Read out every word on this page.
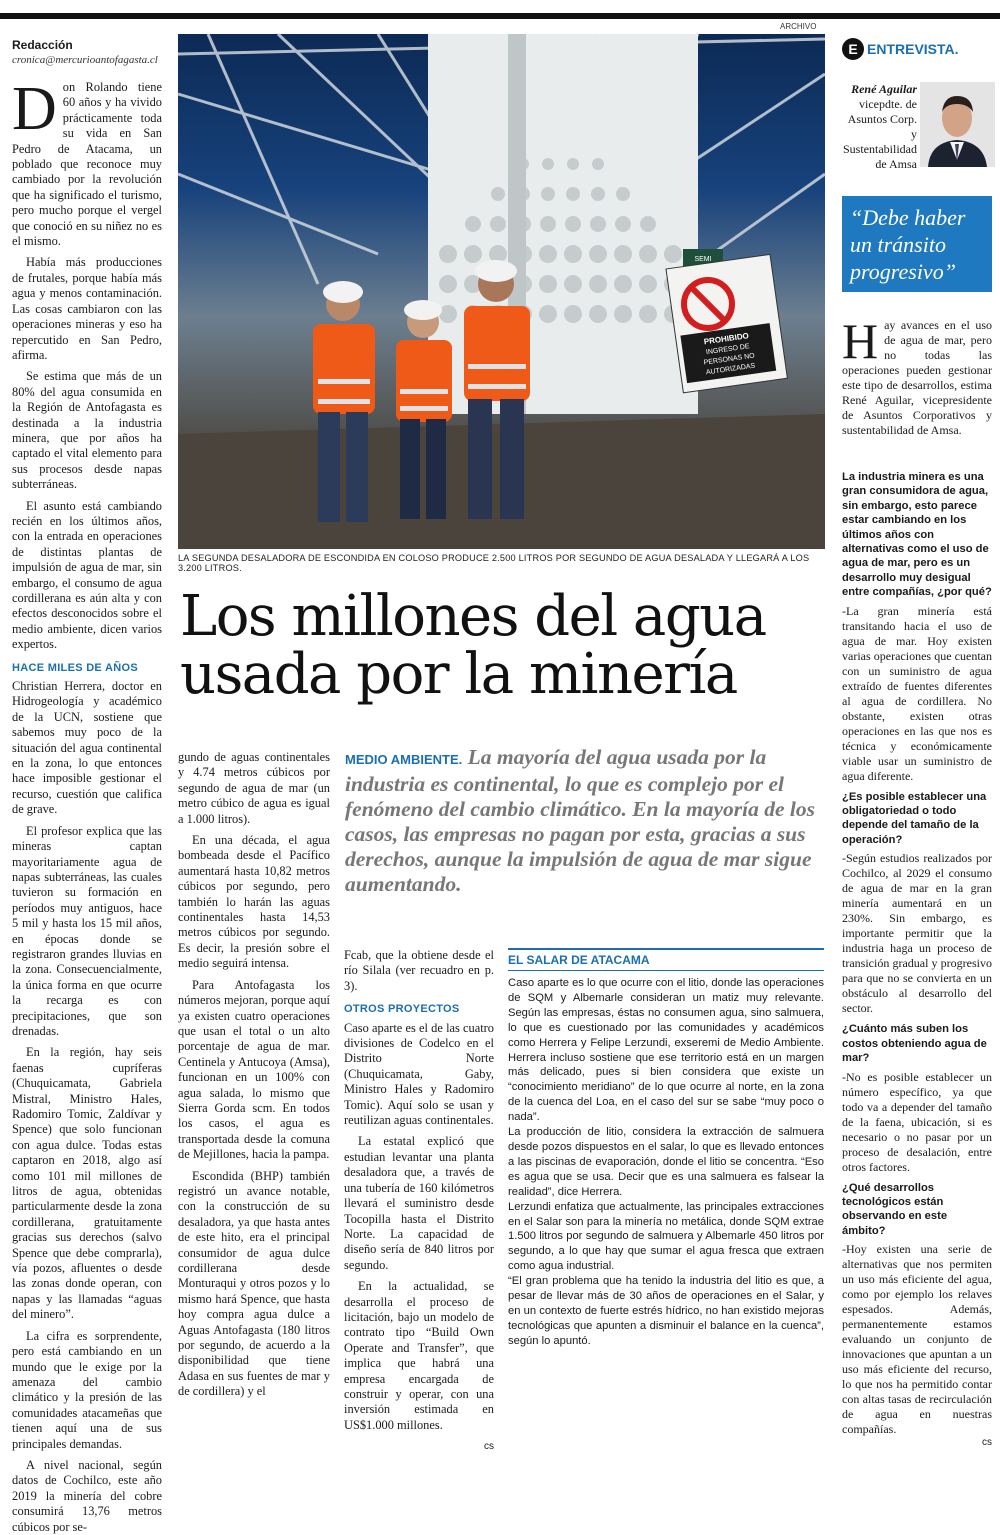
Redacción
cronica@mercurioantofagasta.cl

Don Rolando tiene 60 años y ha vivido prácticamente toda su vida en San Pedro de Atacama, un poblado que reconoce muy cambiado por la revolución que ha significado el turismo, pero mucho porque el vergel que conoció en su niñez no es el mismo.

Había más producciones de frutales, porque había más agua y menos contaminación. Las cosas cambiaron con las operaciones mineras y eso ha repercutido en San Pedro, afirma.

Se estima que más de un 80% del agua consumida en la Región de Antofagasta es destinada a la industria minera, que por años ha captado el vital elemento para sus procesos desde napas subterráneas.

El asunto está cambiando recién en los últimos años, con la entrada en operaciones de distintas plantas de impulsión de agua de mar, sin embargo, el consumo de agua cordillerana es aún alta y con efectos desconocidos sobre el medio ambiente, dicen varios expertos.

HACE MILES DE AÑOS

Christian Herrera, doctor en Hidrogeología y académico de la UCN, sostiene que sabemos muy poco de la situación del agua continental en la zona, lo que entonces hace imposible gestionar el recurso, cuestión que califica de grave.

El profesor explica que las mineras captan mayoritariamente agua de napas subterráneas, las cuales tuvieron su formación en períodos muy antiguos, hace 5 mil y hasta los 15 mil años, en épocas donde se registraron grandes lluvias en la zona. Consecuencialmente, la única forma en que ocurre la recarga es con precipitaciones, que son drenadas.

En la región, hay seis faenas cupríferas (Chuquicamata, Gabriela Mistral, Ministro Hales, Radomiro Tomic, Zaldívar y Spence) que solo funcionan con agua dulce. Todas estas captaron en 2018, algo así como 101 mil millones de litros de agua, obtenidas particularmente desde la zona cordillerana, gratuitamente gracias sus derechos (salvo Spence que debe comprarla), vía pozos, afluentes o desde las zonas donde operan, con napas y las llamadas “aguas del minero”.

La cifra es sorprendente, pero está cambiando en un mundo que le exige por la amenaza del cambio climático y la presión de las comunidades atacameñas que tienen aquí una de sus principales demandas.

A nivel nacional, según datos de Cochilco, este año 2019 la minería del cobre consumirá 13,76 metros cúbicos por se-

ARCHIVO
SEMI
PROHIBIDO
INGRESO DE
PERSONAS NO
AUTORIZADAS
LA SEGUNDA DESALADORA DE ESCONDIDA EN COLOSO PRODUCE 2.500 LITROS POR SEGUNDO DE AGUA DESALADA Y LLEGARÁ A LOS 3.200 LITROS.
Los millones del agua usada por la minería
MEDIO AMBIENTE. La mayoría del agua usada por la industria es continental, lo que es complejo por el fenómeno del cambio climático. En la mayoría de los casos, las empresas no pagan por esta, gracias a sus derechos, aunque la impulsión de agua de mar sigue aumentando.

gundo de aguas continentales y 4.74 metros cúbicos por segundo de agua de mar (un metro cúbico de agua es igual a 1.000 litros).

En una década, el agua bombeada desde el Pacífico aumentará hasta 10,82 metros cúbicos por segundo, pero también lo harán las aguas continentales hasta 14,53 metros cúbicos por segundo. Es decir, la presión sobre el medio seguirá intensa.

Para Antofagasta los números mejoran, porque aquí ya existen cuatro operaciones que usan el total o un alto porcentaje de agua de mar. Centinela y Antucoya (Amsa), funcionan en un 100% con agua salada, lo mismo que Sierra Gorda scm. En todos los casos, el agua es transportada desde la comuna de Mejillones, hacia la pampa.

Escondida (BHP) también registró un avance notable, con la construcción de su desaladora, ya que hasta antes de este hito, era el principal consumidor de agua dulce cordillerana desde Monturaqui y otros pozos y lo mismo hará Spence, que hasta hoy compra agua dulce a Aguas Antofagasta (180 litros por segundo, de acuerdo a la disponibilidad que tiene Adasa en sus fuentes de mar y de cordillera) y el

Fcab, que la obtiene desde el río Silala (ver recuadro en p. 3).

OTROS PROYECTOS

Caso aparte es el de las cuatro divisiones de Codelco en el Distrito Norte (Chuquicamata, Gaby, Ministro Hales y Radomiro Tomic). Aquí solo se usan y reutilizan aguas continentales.

La estatal explicó que estudian levantar una planta desaladora que, a través de una tubería de 160 kilómetros llevará el suministro desde Tocopilla hasta el Distrito Norte. La capacidad de diseño sería de 840 litros por segundo.

En la actualidad, se desarrolla el proceso de licitación, bajo un modelo de contrato tipo “Build Own Operate and Transfer”, que implica que habrá una empresa encargada de construir y operar, con una inversión estimada en US$1.000 millones.

cs
EL SALAR DE ATACAMA
Caso aparte es lo que ocurre con el litio, donde las operaciones de SQM y Albemarle consideran un matiz muy relevante. Según las empresas, éstas no consumen agua, sino salmuera, lo que es cuestionado por las comunidades y académicos como Herrera y Felipe Lerzundi, exseremi de Medio Ambiente. Herrera incluso sostiene que ese territorio está en un margen más delicado, pues si bien considera que existe un “conocimiento meridiano” de lo que ocurre al norte, en la zona de la cuenca del Loa, en el caso del sur se sabe “muy poco o nada”.
La producción de litio, considera la extracción de salmuera desde pozos dispuestos en el salar, lo que es llevado entonces a las piscinas de evaporación, donde el litio se concentra. “Eso es agua que se usa. Decir que es una salmuera es falsear la realidad”, dice Herrera.
Lerzundi enfatiza que actualmente, las principales extracciones en el Salar son para la minería no metálica, donde SQM extrae 1.500 litros por segundo de salmuera y Albemarle 450 litros por segundo, a lo que hay que sumar el agua fresca que extraen como agua industrial.
“El gran problema que ha tenido la industria del litio es que, a pesar de llevar más de 30 años de operaciones en el Salar, y en un contexto de fuerte estrés hídrico, no han existido mejoras tecnológicas que apunten a disminuir el balance en la cuenca”, según lo apuntó.
E ENTREVISTA.
René Aguilar
vicepdte. de Asuntos Corp. y Sustentabilidad de Amsa
“Debe haber un tránsito progresivo”
Hay avances en el uso de agua de mar, pero no todas las operaciones pueden gestionar este tipo de desarrollos, estima René Aguilar, vicepresidente de Asuntos Corporativos y sustentabilidad de Amsa.
La industria minera es una gran consumidora de agua, sin embargo, esto parece estar cambiando en los últimos años con alternativas como el uso de agua de mar, pero es un desarrollo muy desigual entre compañías, ¿por qué?
-La gran minería está transitando hacia el uso de agua de mar. Hoy existen varias operaciones que cuentan con un suministro de agua extraído de fuentes diferentes al agua de cordillera. No obstante, existen otras operaciones en las que nos es técnica y económicamente viable usar un suministro de agua diferente.
¿Es posible establecer una obligatoriedad o todo depende del tamaño de la operación?
-Según estudios realizados por Cochilco, al 2029 el consumo de agua de mar en la gran minería aumentará en un 230%. Sin embargo, es importante permitir que la industria haga un proceso de transición gradual y progresivo para que no se convierta en un obstáculo al desarrollo del sector.
¿Cuánto más suben los costos obteniendo agua de mar?
-No es posible establecer un número específico, ya que todo va a depender del tamaño de la faena, ubicación, si es necesario o no pasar por un proceso de desalación, entre otros factores.
¿Qué desarrollos tecnológicos están observando en este ámbito?
-Hoy existen una serie de alternativas que nos permiten un uso más eficiente del agua, como por ejemplo los relaves espesados. Además, permanentemente estamos evaluando un conjunto de innovaciones que apuntan a un uso más eficiente del recurso, lo que nos ha permitido contar con altas tasas de recirculación de agua en nuestras compañías.
cs
